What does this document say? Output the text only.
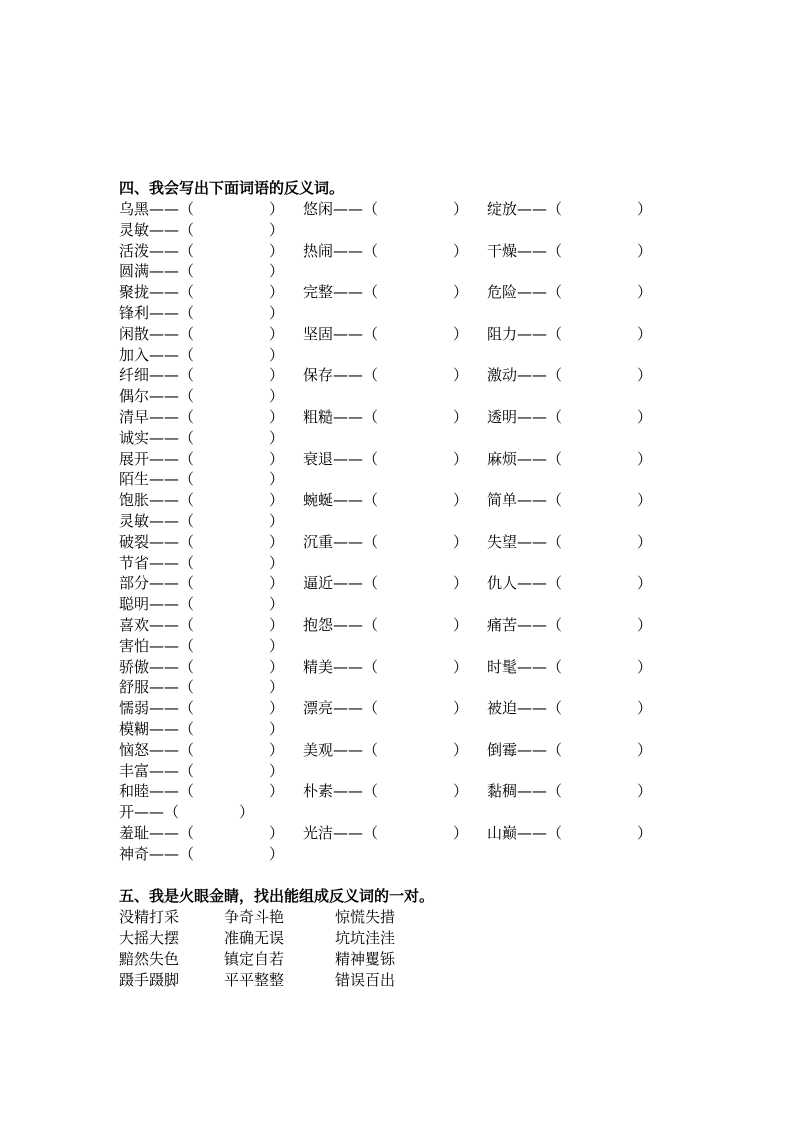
四、我会写出下面词语的反义词。
乌黑——（	） 悠闲——（	） 绽放——（	）
灵敏——（	）
活泼——（	） 热闹——（	） 干燥——（	）
圆满——（	）
聚拢——（	） 完整——（	） 危险——（	）
锋利——（	）
闲散——（	） 坚固——（	） 阻力——（	）
加入——（	）
纤细——（	） 保存——（	） 激动——（	）
偶尔——（	）
清早——（	） 粗糙——（	） 透明——（	）
诚实——（	）
展开——（	） 衰退——（	） 麻烦——（	）
陌生——（	）
饱胀——（	） 蜿蜒——（	） 简单——（	）
灵敏——（	）
破裂——（	） 沉重——（	） 失望——（	）
节省——（	）
部分——（	） 逼近——（	） 仇人——（	）
聪明——（	）
喜欢——（	） 抱怨——（	） 痛苦——（	）
害怕——（	）
骄傲——（	） 精美——（	） 时髦——（	）
舒服——（	）
懦弱——（	） 漂亮——（	） 被迫——（	）
模糊——（	）
恼怒——（	） 美观——（	） 倒霉——（	）
丰富——（	）
和睦——（	） 朴素——（	） 黏稠——（	）
开——（	）
羞耻——（	） 光洁——（	） 山巅——（	）
神奇——（	）
五、我是火眼金睛，找出能组成反义词的一对。
没精打采	争奇斗艳	惊慌失措
大摇大摆	准确无误	坑坑洼洼
黯然失色	镇定自若	精神矍铄
蹑手蹑脚	平平整整	错误百出
